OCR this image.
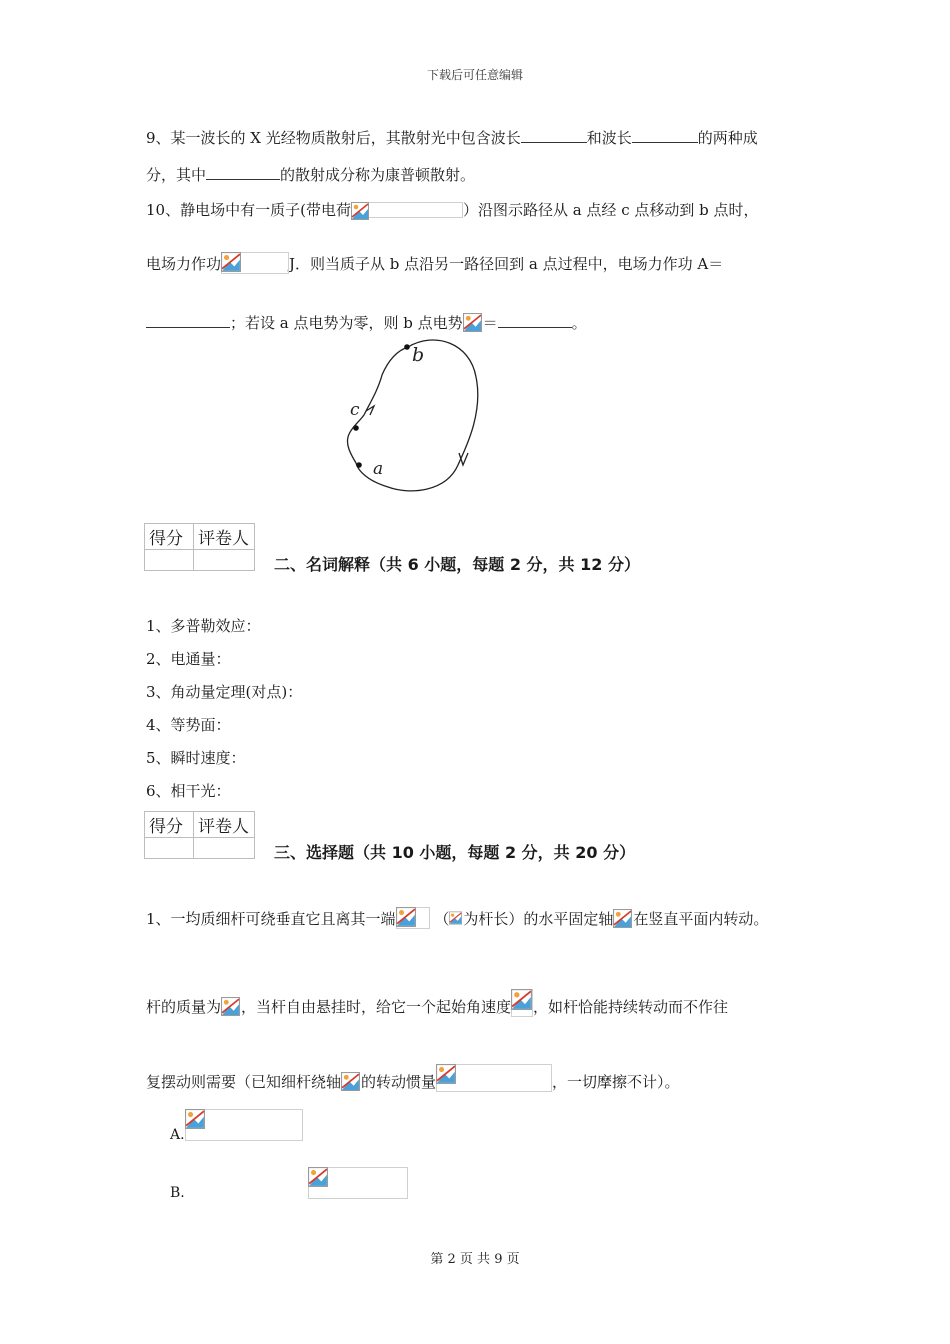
下载后可任意编辑
9、某一波长的 X 光经物质散射后，其散射光中包含波长	和波长	的两种成
分，其中	的散射成分称为康普顿散射。
10、静电场中有一质子(带电荷	）沿图示路径从 a 点经 c 点移动到 b 点时，
电场力作功	J．则当质子从 b 点沿另一路径回到 a 点过程中，电场力作功 A＝
；若设 a 点电势为零，则 b 点电势 ＝	。
b
c
a
得分	评卷人

二、名词解释（共 6 小题，每题 2 分，共 12 分）
1、多普勒效应：
2、电通量：
3、角动量定理(对点)：
4、等势面：
5、瞬时速度：
6、相干光：
得分	评卷人

三、选择题（共 10 小题，每题 2 分，共 20 分）
1、一均质细杆可绕垂直它且离其一端	（ 为杆长）的水平固定轴 在竖直平面内转动。
杆的质量为 ，当杆自由悬挂时，给它一个起始角速度 ，如杆恰能持续转动而不作往
复摆动则需要（已知细杆绕轴 的转动惯量	，一切摩擦不计）。
A.

B.
第 2 页 共 9 页
